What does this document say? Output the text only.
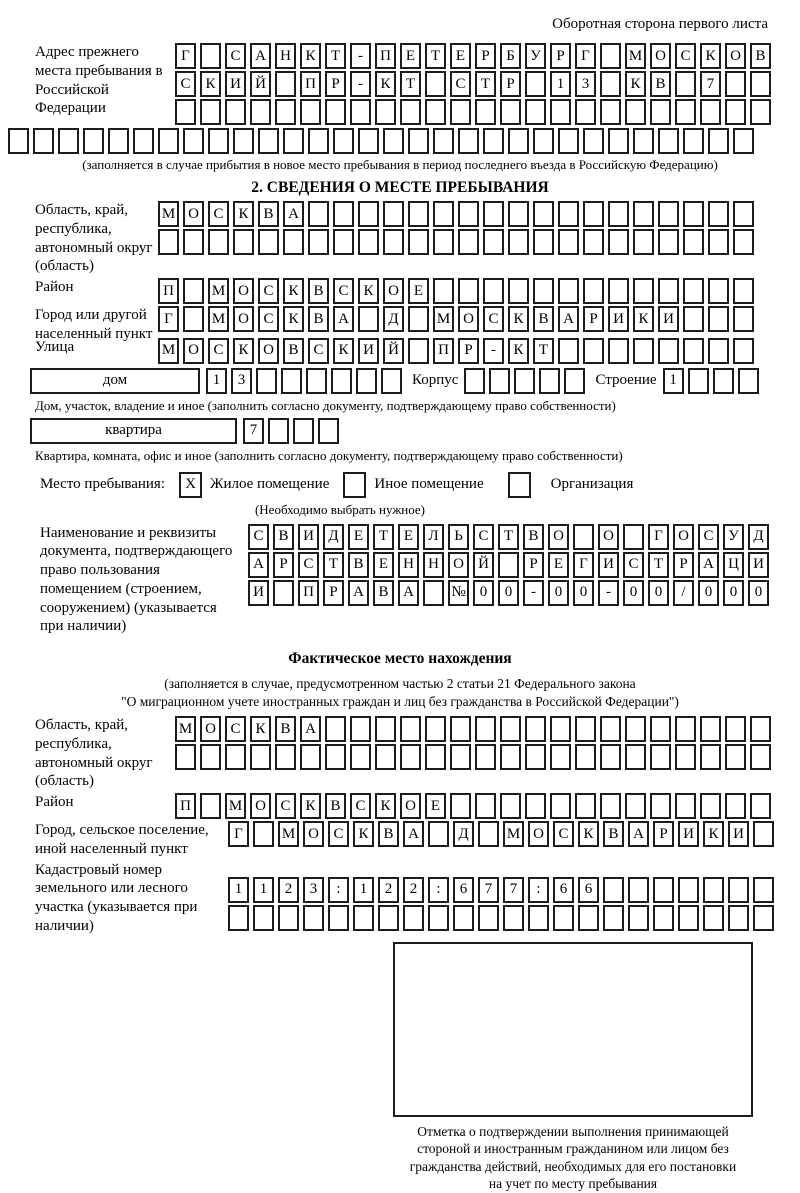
Оборотная сторона первого листа
Адрес прежнего места пребывания в Российской Федерации
Г	С А Н К	Т	-	П Е	Т	Е	Р	Б	У	Р	Г	М О С К О В
С К И Й	П	Р	-	К	Т	С	Т	Р	1	3	К В	7
(заполняется в случае прибытия в новое место пребывания в период последнего въезда в Российскую Федерацию)
2. СВЕДЕНИЯ О МЕСТЕ ПРЕБЫВАНИЯ
Область, край, республика, автономный округ (область)
М О С К В А
Район	П	М О С К В С К О Е
Город или другой населенный пункт
Г	М О С К В А	Д	М О С К В А	Р	И К И
Улица	М О С К О В С К И Й	П	Р	-	К	Т
дом	1	3	Корпус	Строение 1
Дом, участок, владение и иное (заполнить согласно документу, подтверждающему право собственности)
квартира	7
Квартира, комната, офис и иное (заполнить согласно документу, подтверждающему право собственности)
Место пребывания:	X Жилое помещение	Иное помещение	Организация
(Необходимо выбрать нужное)
Наименование и реквизиты документа, подтверждающего право пользования помещением (строением, сооружением) (указывается при наличии)
С В И Д	Е	Т	Е	Л	Ь	С	Т	В О	О	Г	О С У Д
А	Р	С	Т	В	Е	Н Н О Й	Р	Е	Г	И С	Т	Р	А Ц И
И	П	Р	А В А	№ 0	0	-	0	0	-	0	0	/	0	0	0
Фактическое место нахождения
(заполняется в случае, предусмотренном частью 2 статьи 21 Федерального закона
"О миграционном учете иностранных граждан и лиц без гражданства в Российской Федерации")
Область, край, республика, автономный округ (область)
М О С К В А
Район	П	М О С К В С К О Е
Город, сельское поселение, иной населенный пункт
Г	М О С К В А	Д	М О С К В А	Р	И К И
Кадастровый номер земельного или лесного участка (указывается при наличии)
1	1	2	3	:	1	2	2	:	6	7	7	:	6	6
Отметка о подтверждении выполнения принимающей
стороной и иностранным гражданином или лицом без
гражданства действий, необходимых для его постановки
на учет по месту пребывания
